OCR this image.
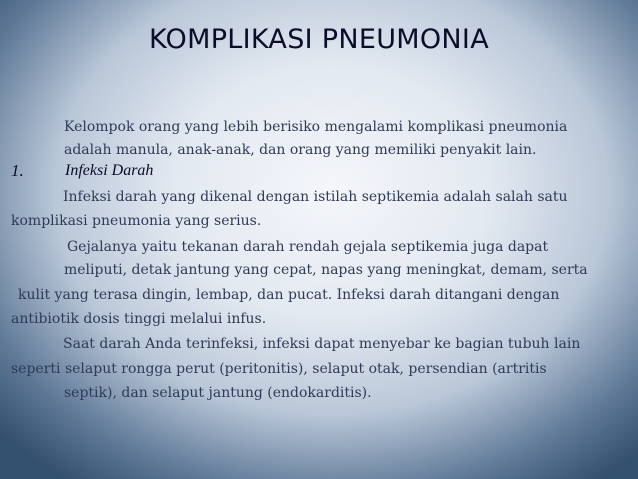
KOMPLIKASI PNEUMONIA
Kelompok orang yang lebih berisiko mengalami komplikasi pneumonia
adalah manula, anak-anak, dan orang yang memiliki penyakit lain.
1.	Infeksi Darah
Infeksi darah yang dikenal dengan istilah septikemia adalah salah satu
komplikasi pneumonia yang serius.
Gejalanya yaitu tekanan darah rendah gejala septikemia juga dapat
meliputi, detak jantung yang cepat, napas yang meningkat, demam, serta
kulit yang terasa dingin, lembap, dan pucat. Infeksi darah ditangani dengan
antibiotik dosis tinggi melalui infus.
Saat darah Anda terinfeksi, infeksi dapat menyebar ke bagian tubuh lain
seperti selaput rongga perut (peritonitis), selaput otak, persendian (artritis
septik), dan selaput jantung (endokarditis).
